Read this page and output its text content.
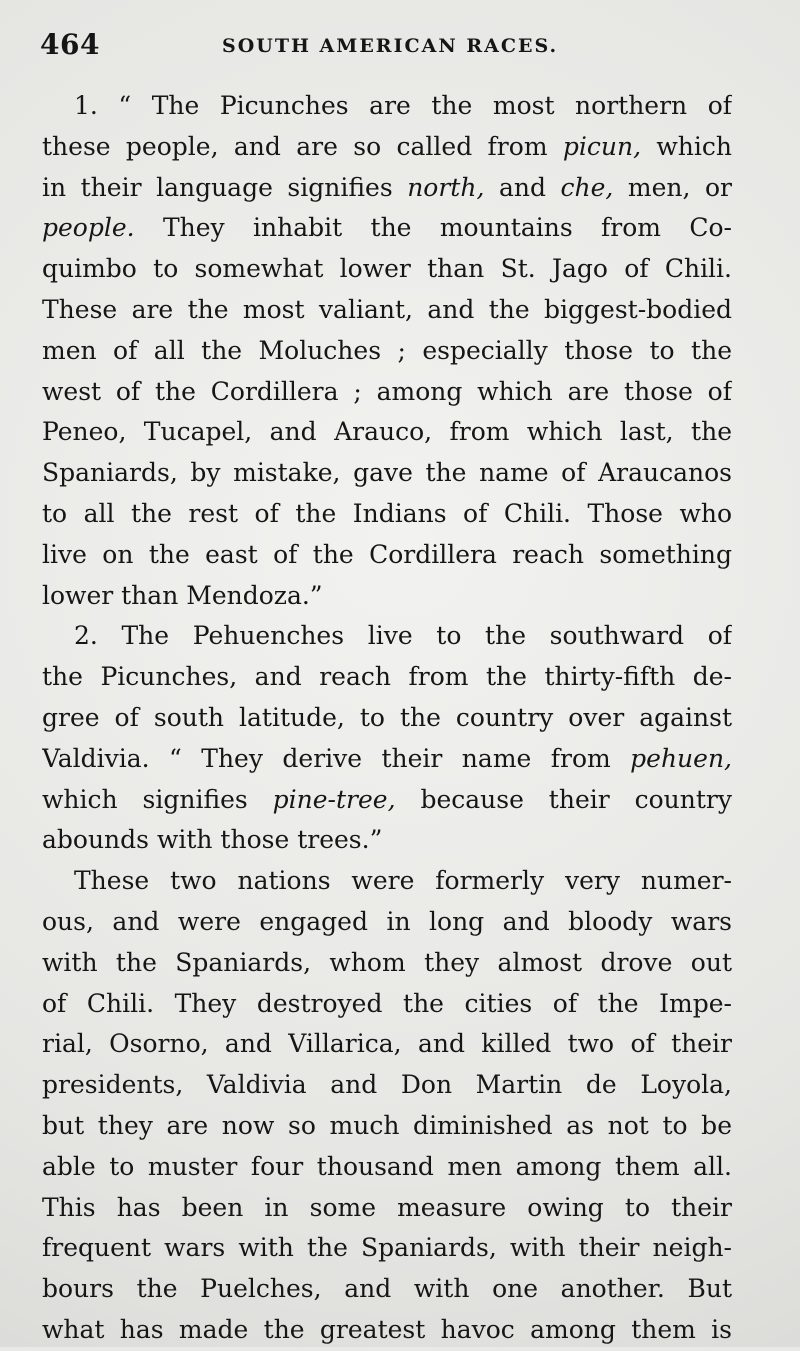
464	SOUTH AMERICAN RACES.
1. “ The Picunches are the most northern of
these people, and are so called from picun, which
in their language signifies north, and che, men, or
people. They inhabit the mountains from Co-
quimbo to somewhat lower than St. Jago of Chili.
These are the most valiant, and the biggest-bodied
men of all the Moluches ; especially those to the
west of the Cordillera ; among which are those of
Peneo, Tucapel, and Arauco, from which last, the
Spaniards, by mistake, gave the name of Araucanos
to all the rest of the Indians of Chili. Those who
live on the east of the Cordillera reach something
lower than Mendoza.”
2. The Pehuenches live to the southward of
the Picunches, and reach from the thirty-fifth de-
gree of south latitude, to the country over against
Valdivia. “ They derive their name from pehuen,
which signifies pine-tree, because their country
abounds with those trees.”
These two nations were formerly very numer-
ous, and were engaged in long and bloody wars
with the Spaniards, whom they almost drove out
of Chili. They destroyed the cities of the Impe-
rial, Osorno, and Villarica, and killed two of their
presidents, Valdivia and Don Martin de Loyola,
but they are now so much diminished as not to be
able to muster four thousand men among them all.
This has been in some measure owing to their
frequent wars with the Spaniards, with their neigh-
bours the Puelches, and with one another. But
what has made the greatest havoc among them is
